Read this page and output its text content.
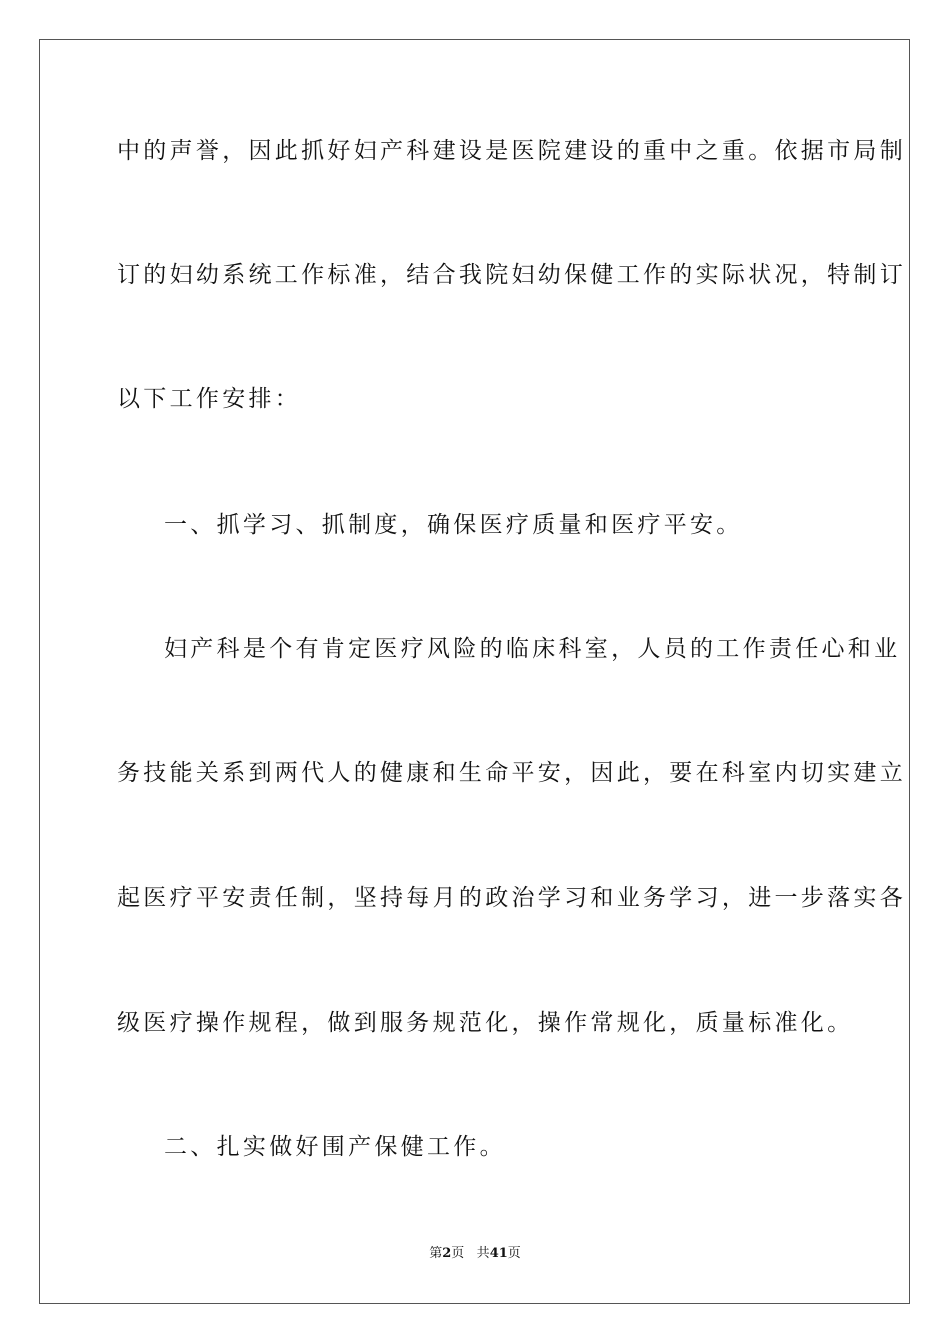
中的声誉，因此抓好妇产科建设是医院建设的重中之重。依据市局制
订的妇幼系统工作标准，结合我院妇幼保健工作的实际状况，特制订
以下工作安排：
一、抓学习、抓制度，确保医疗质量和医疗平安。
妇产科是个有肯定医疗风险的临床科室，人员的工作责任心和业
务技能关系到两代人的健康和生命平安，因此，要在科室内切实建立
起医疗平安责任制，坚持每月的政治学习和业务学习，进一步落实各
级医疗操作规程，做到服务规范化，操作常规化，质量标准化。
二、扎实做好围产保健工作。
第2页 共41页
